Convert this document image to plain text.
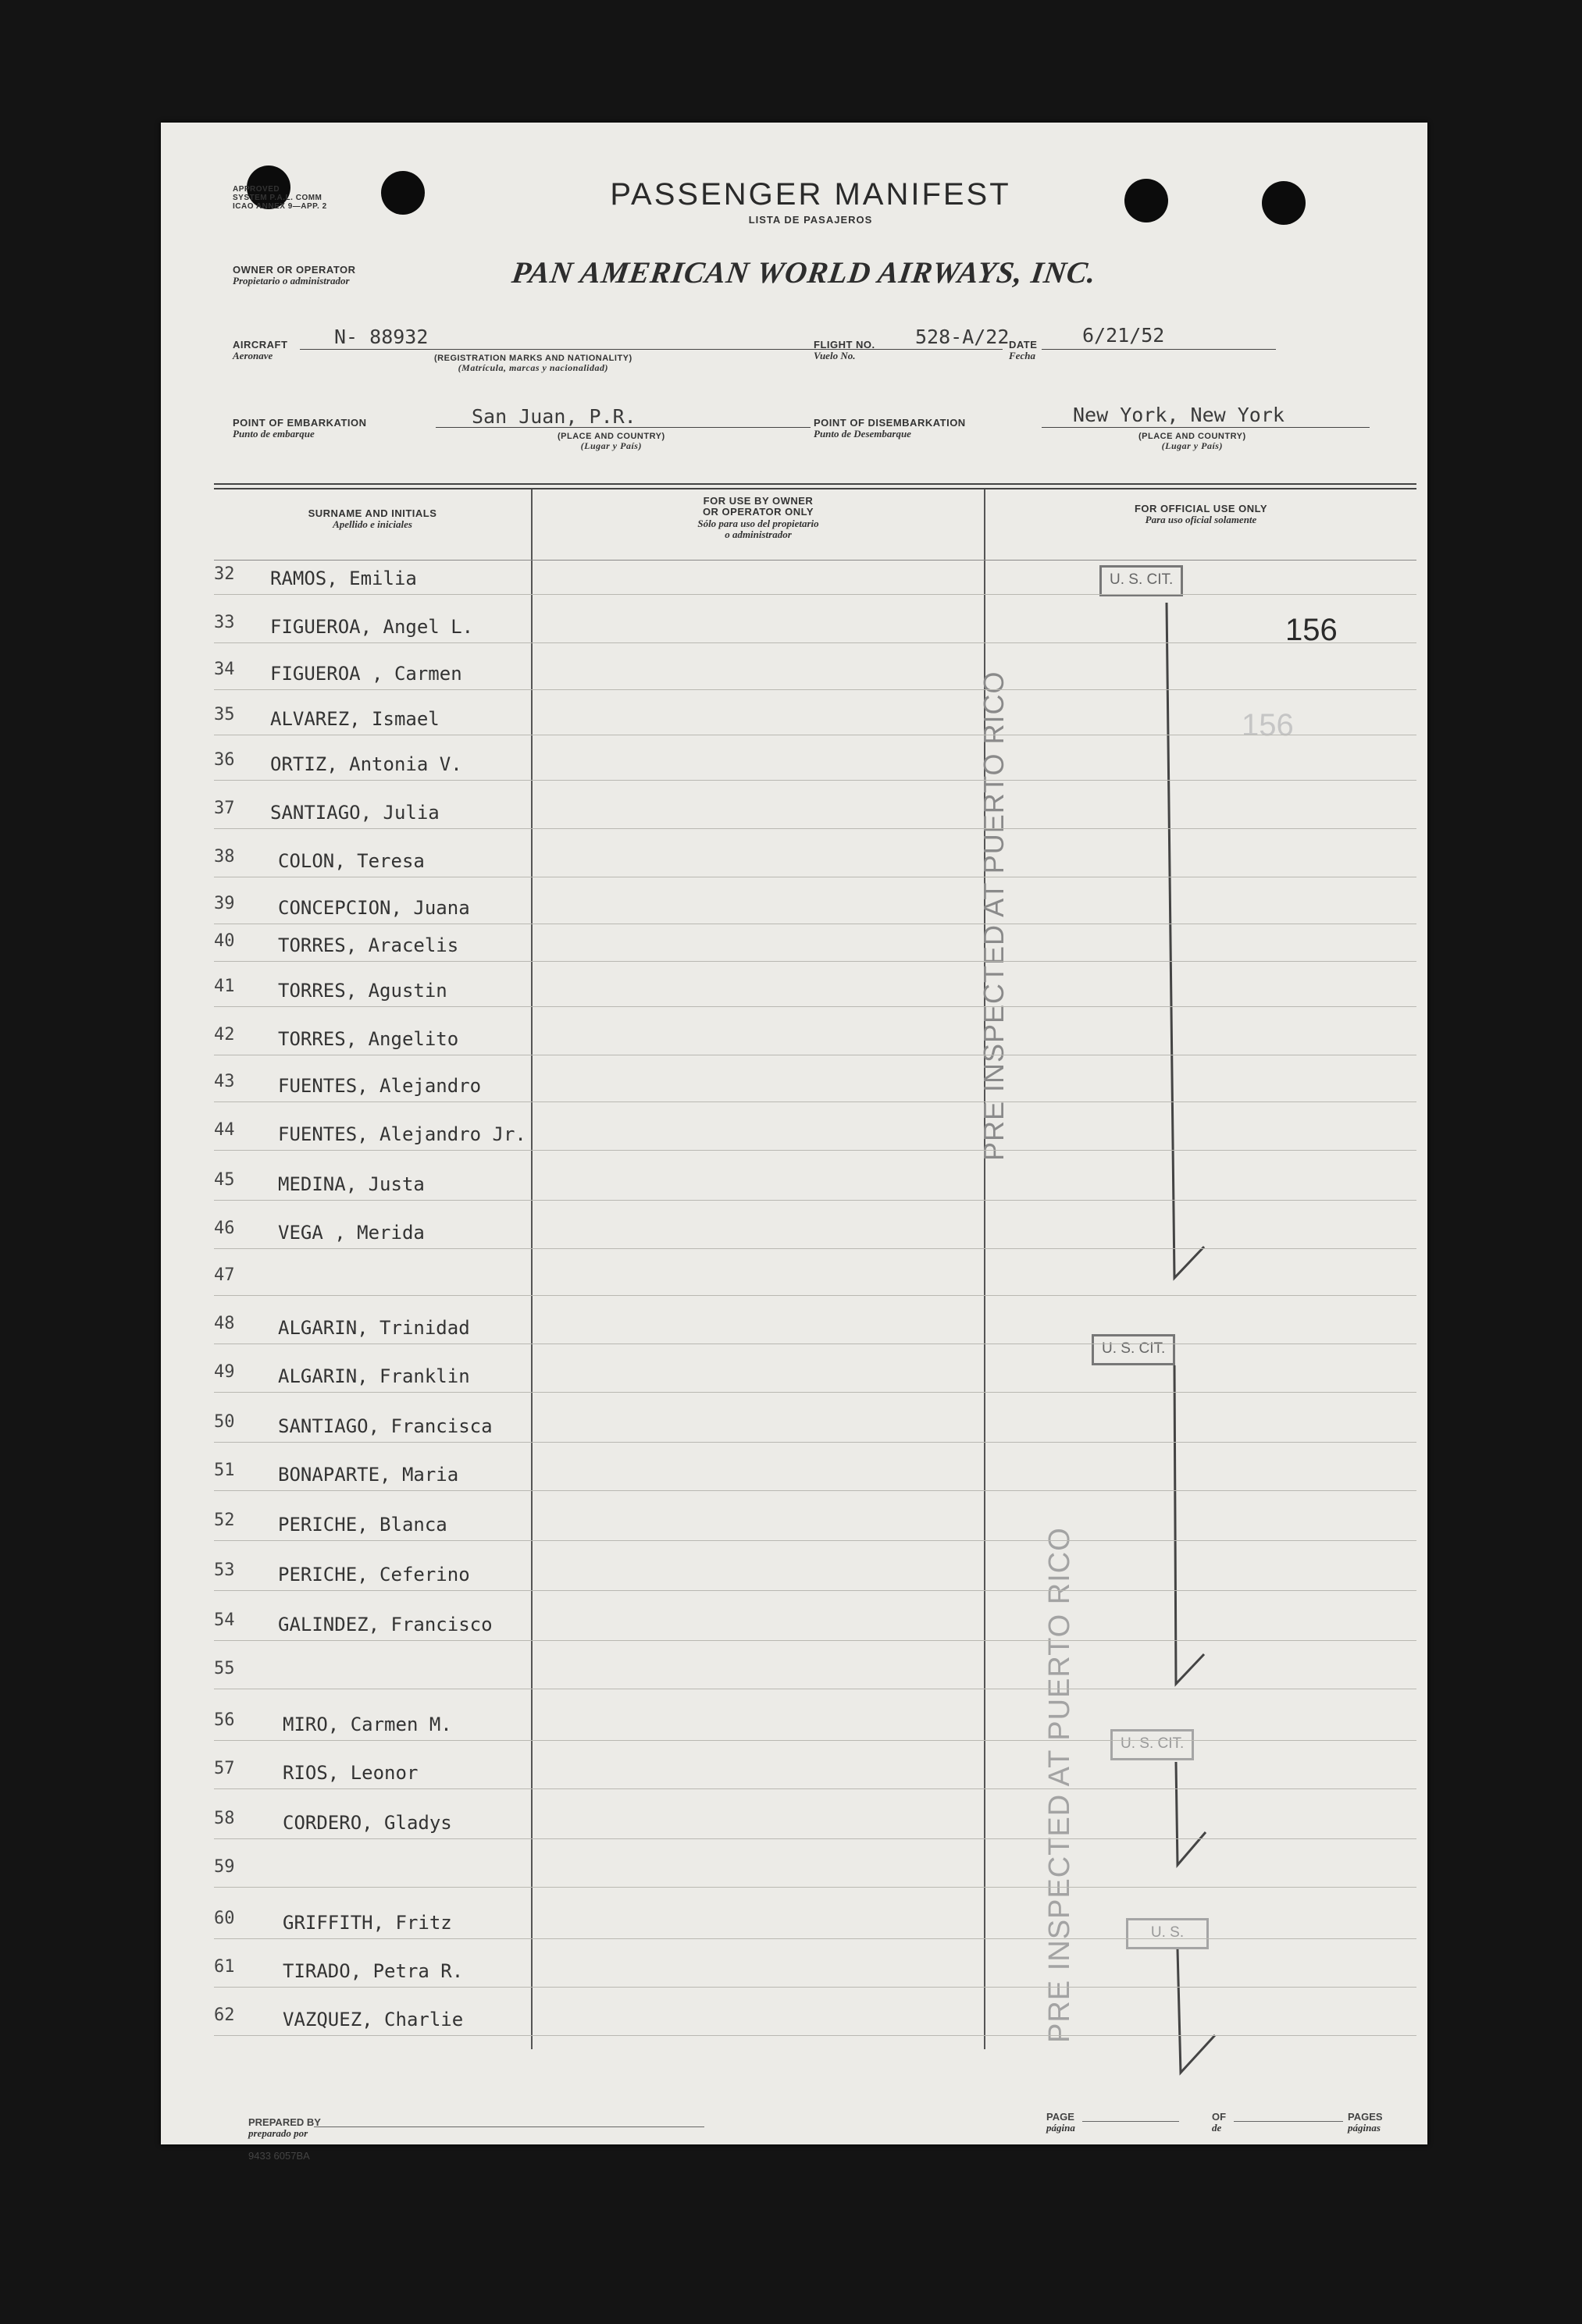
APPROVED
SYSTEM P.A.L. COMM
ICAO ANNEX 9—APP. 2	PASSENGER MANIFEST
LISTA DE PASAJEROS
OWNER OR OPERATOR
Propietario o administrador	PAN AMERICAN WORLD AIRWAYS, INC.
AIRCRAFT
Aeronave
N- 88932
(REGISTRATION MARKS AND NATIONALITY)
(Matrícula, marcas y nacionalidad)
FLIGHT NO.
Vuelo No.
528-A/22 DATE
Fecha
6/21/52
POINT OF EMBARKATION
Punto de embarque
San Juan, P.R.
(PLACE AND COUNTRY)
(Lugar y País)
POINT OF DISEMBARKATION
Punto de Desembarque
New York, New York
(PLACE AND COUNTRY)
(Lugar y País)
SURNAME AND INITIALS
Apellido e iniciales
FOR USE BY OWNER
OR OPERATOR ONLY
Sólo para uso del propietario
o administrador
FOR OFFICIAL USE ONLY
Para uso oficial solamente
32 RAMOS, Emilia
33 FIGUEROA, Angel L.
34 FIGUEROA , Carmen
35 ALVAREZ, Ismael
36 ORTIZ, Antonia V.
37 SANTIAGO, Julia
38 COLON, Teresa
39 CONCEPCION, Juana
40 TORRES, Aracelis
41 TORRES, Agustin
42 TORRES, Angelito
43 FUENTES, Alejandro
44 FUENTES, Alejandro Jr.
45 MEDINA, Justa
46 VEGA , Merida
47
48 ALGARIN, Trinidad
49 ALGARIN, Franklin
50 SANTIAGO, Francisca
51 BONAPARTE, Maria
52 PERICHE, Blanca
53 PERICHE, Ceferino
54 GALINDEZ, Francisco
55
56	MIRO, Carmen M.
57	RIOS, Leonor
58	CORDERO, Gladys
59
60	GRIFFITH, Fritz
61	TIRADO, Petra R.
62	VAZQUEZ, Charlie
U. S. CIT.
U. S. CIT.
U. S. CIT.
U. S.
PRE INSPECTED AT PUERTO RICO
PRE INSPECTED AT PUERTO RICO
156
156
PREPARED BY
preparado por
9433 6057BA
PAGE
página
OF
de
PAGES
páginas
